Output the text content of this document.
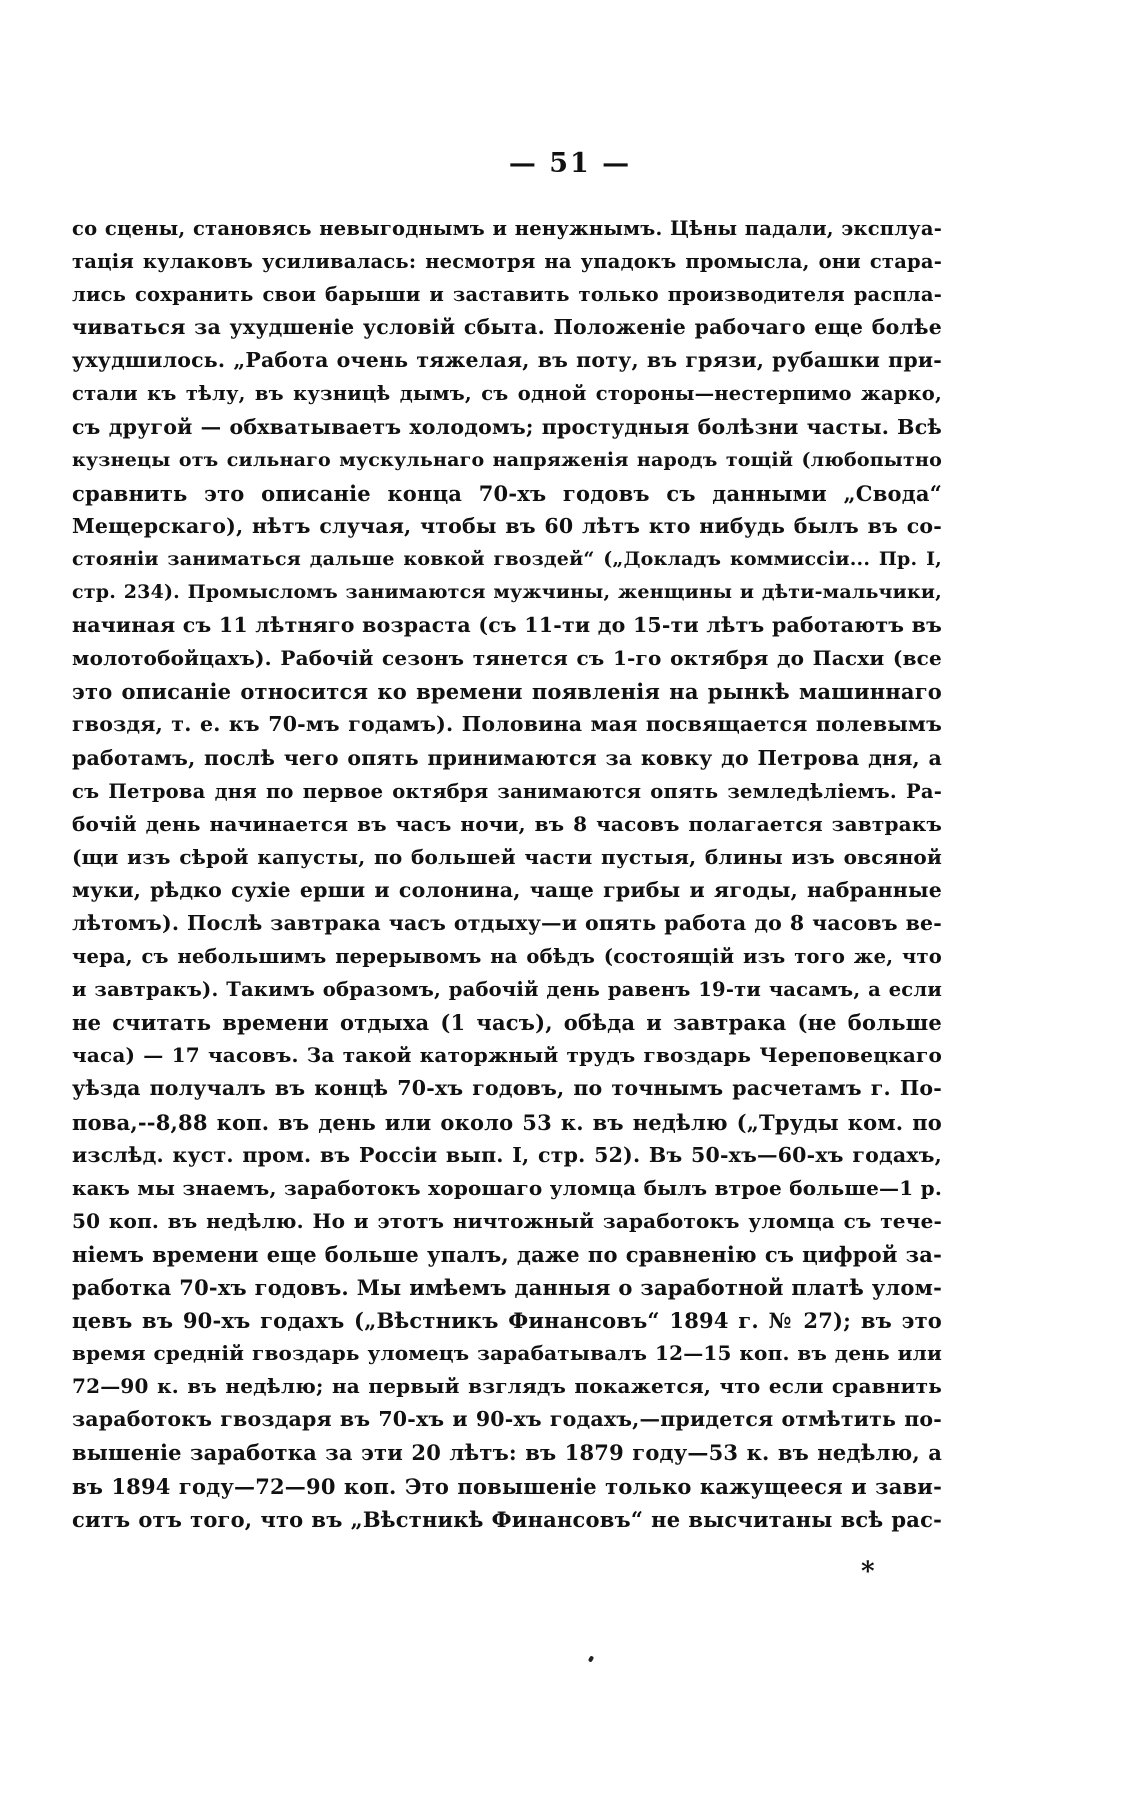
— 51 —
со сцены, становясь невыгоднымъ и ненужнымъ. Цѣны падали, эксплуа-
тація кулаковъ усиливалась: несмотря на упадокъ промысла, они стара-
лись сохранить свои барыши и заставить только производителя распла-
чиваться за ухудшеніе условій сбыта. Положеніе рабочаго еще болѣе
ухудшилось. „Работа очень тяжелая, въ поту, въ грязи, рубашки при-
стали къ тѣлу, въ кузницѣ дымъ, съ одной стороны—нестерпимо жарко,
съ другой — обхватываетъ холодомъ; простудныя болѣзни часты. Всѣ
кузнецы отъ сильнаго мускульнаго напряженія народъ тощій (любопытно
сравнить это описаніе конца 70-хъ годовъ съ данными „Свода“
Мещерскаго), нѣтъ случая, чтобы въ 60 лѣтъ кто нибудь былъ въ со-
стояніи заниматься дальше ковкой гвоздей“ („Докладъ коммиссіи... Пр. I,
стр. 234). Промысломъ занимаются мужчины, женщины и дѣти-мальчики,
начиная съ 11 лѣтняго возраста (съ 11-ти до 15-ти лѣтъ работаютъ въ
молотобойцахъ). Рабочій сезонъ тянется съ 1-го октября до Пасхи (все
это описаніе относится ко времени появленія на рынкѣ машиннаго
гвоздя, т. е. къ 70-мъ годамъ). Половина мая посвящается полевымъ
работамъ, послѣ чего опять принимаются за ковку до Петрова дня, а
съ Петрова дня по первое октября занимаются опять земледѣліемъ. Ра-
бочій день начинается въ часъ ночи, въ 8 часовъ полагается завтракъ
(щи изъ сѣрой капусты, по большей части пустыя, блины изъ овсяной
муки, рѣдко сухіе ерши и солонина, чаще грибы и ягоды, набранные
лѣтомъ). Послѣ завтрака часъ отдыху—и опять работа до 8 часовъ ве-
чера, съ небольшимъ перерывомъ на обѣдъ (состоящій изъ того же, что
и завтракъ). Такимъ образомъ, рабочій день равенъ 19-ти часамъ, а если
не считать времени отдыха (1 часъ), обѣда и завтрака (не больше
часа) — 17 часовъ. За такой каторжный трудъ гвоздарь Череповецкаго
уѣзда получалъ въ концѣ 70-хъ годовъ, по точнымъ расчетамъ г. По-
пова,--8,88 коп. въ день или около 53 к. въ недѣлю („Труды ком. по
изслѣд. куст. пром. въ Россіи вып. I, стр. 52). Въ 50-хъ—60-хъ годахъ,
какъ мы знаемъ, заработокъ хорошаго уломца былъ втрое больше—1 р.
50 коп. въ недѣлю. Но и этотъ ничтожный заработокъ уломца съ тече-
ніемъ времени еще больше упалъ, даже по сравненію съ цифрой за-
работка 70-хъ годовъ. Мы имѣемъ данныя о заработной платѣ улом-
цевъ въ 90-хъ годахъ („Вѣстникъ Финансовъ“ 1894 г. № 27); въ это
время средній гвоздарь уломецъ зарабатывалъ 12—15 коп. въ день или
72—90 к. въ недѣлю; на первый взглядъ покажется, что если сравнить
заработокъ гвоздаря въ 70-хъ и 90-хъ годахъ,—придется отмѣтить по-
вышеніе заработка за эти 20 лѣтъ: въ 1879 году—53 к. въ недѣлю, а
въ 1894 году—72—90 коп. Это повышеніе только кажущееся и зави-
ситъ отъ того, что въ „Вѣстникѣ Финансовъ“ не высчитаны всѣ рас-
*
